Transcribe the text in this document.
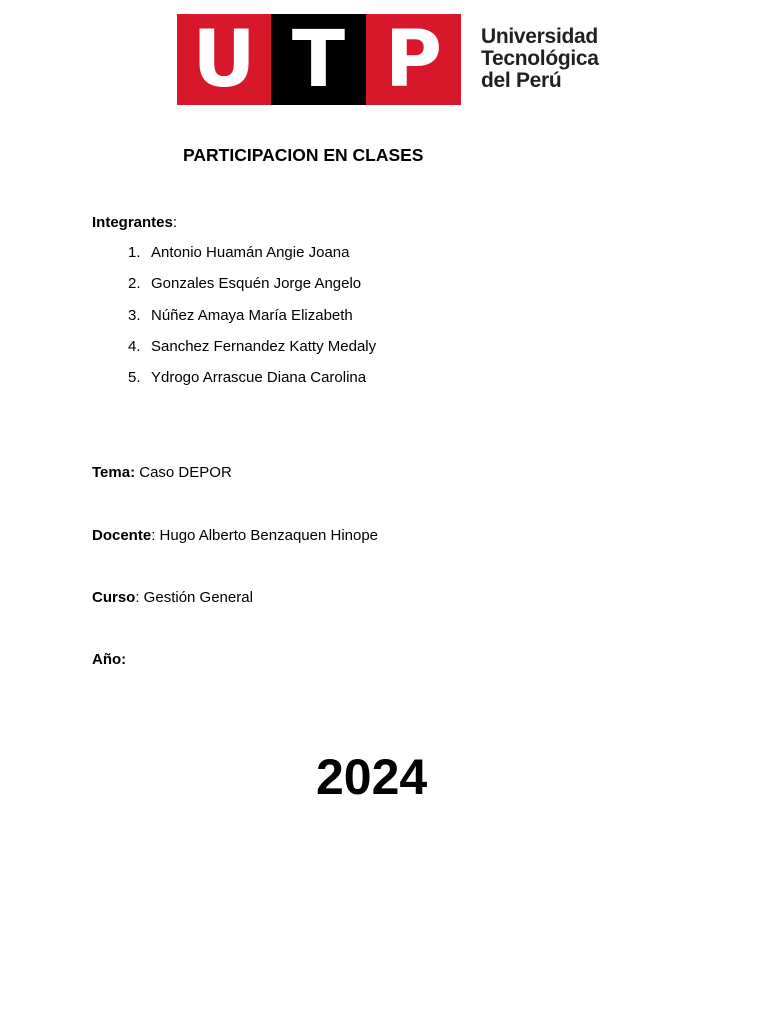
U T P Universidad
Tecnológica
del Perú
PARTICIPACION EN CLASES
Integrantes:
1. Antonio Huamán Angie Joana
2. Gonzales Esquén Jorge Angelo
3. Núñez Amaya María Elizabeth
4. Sanchez Fernandez Katty Medaly
5. Ydrogo Arrascue Diana Carolina
Tema: Caso DEPOR
Docente: Hugo Alberto Benzaquen Hinope
Curso: Gestión General
Año:
2024
